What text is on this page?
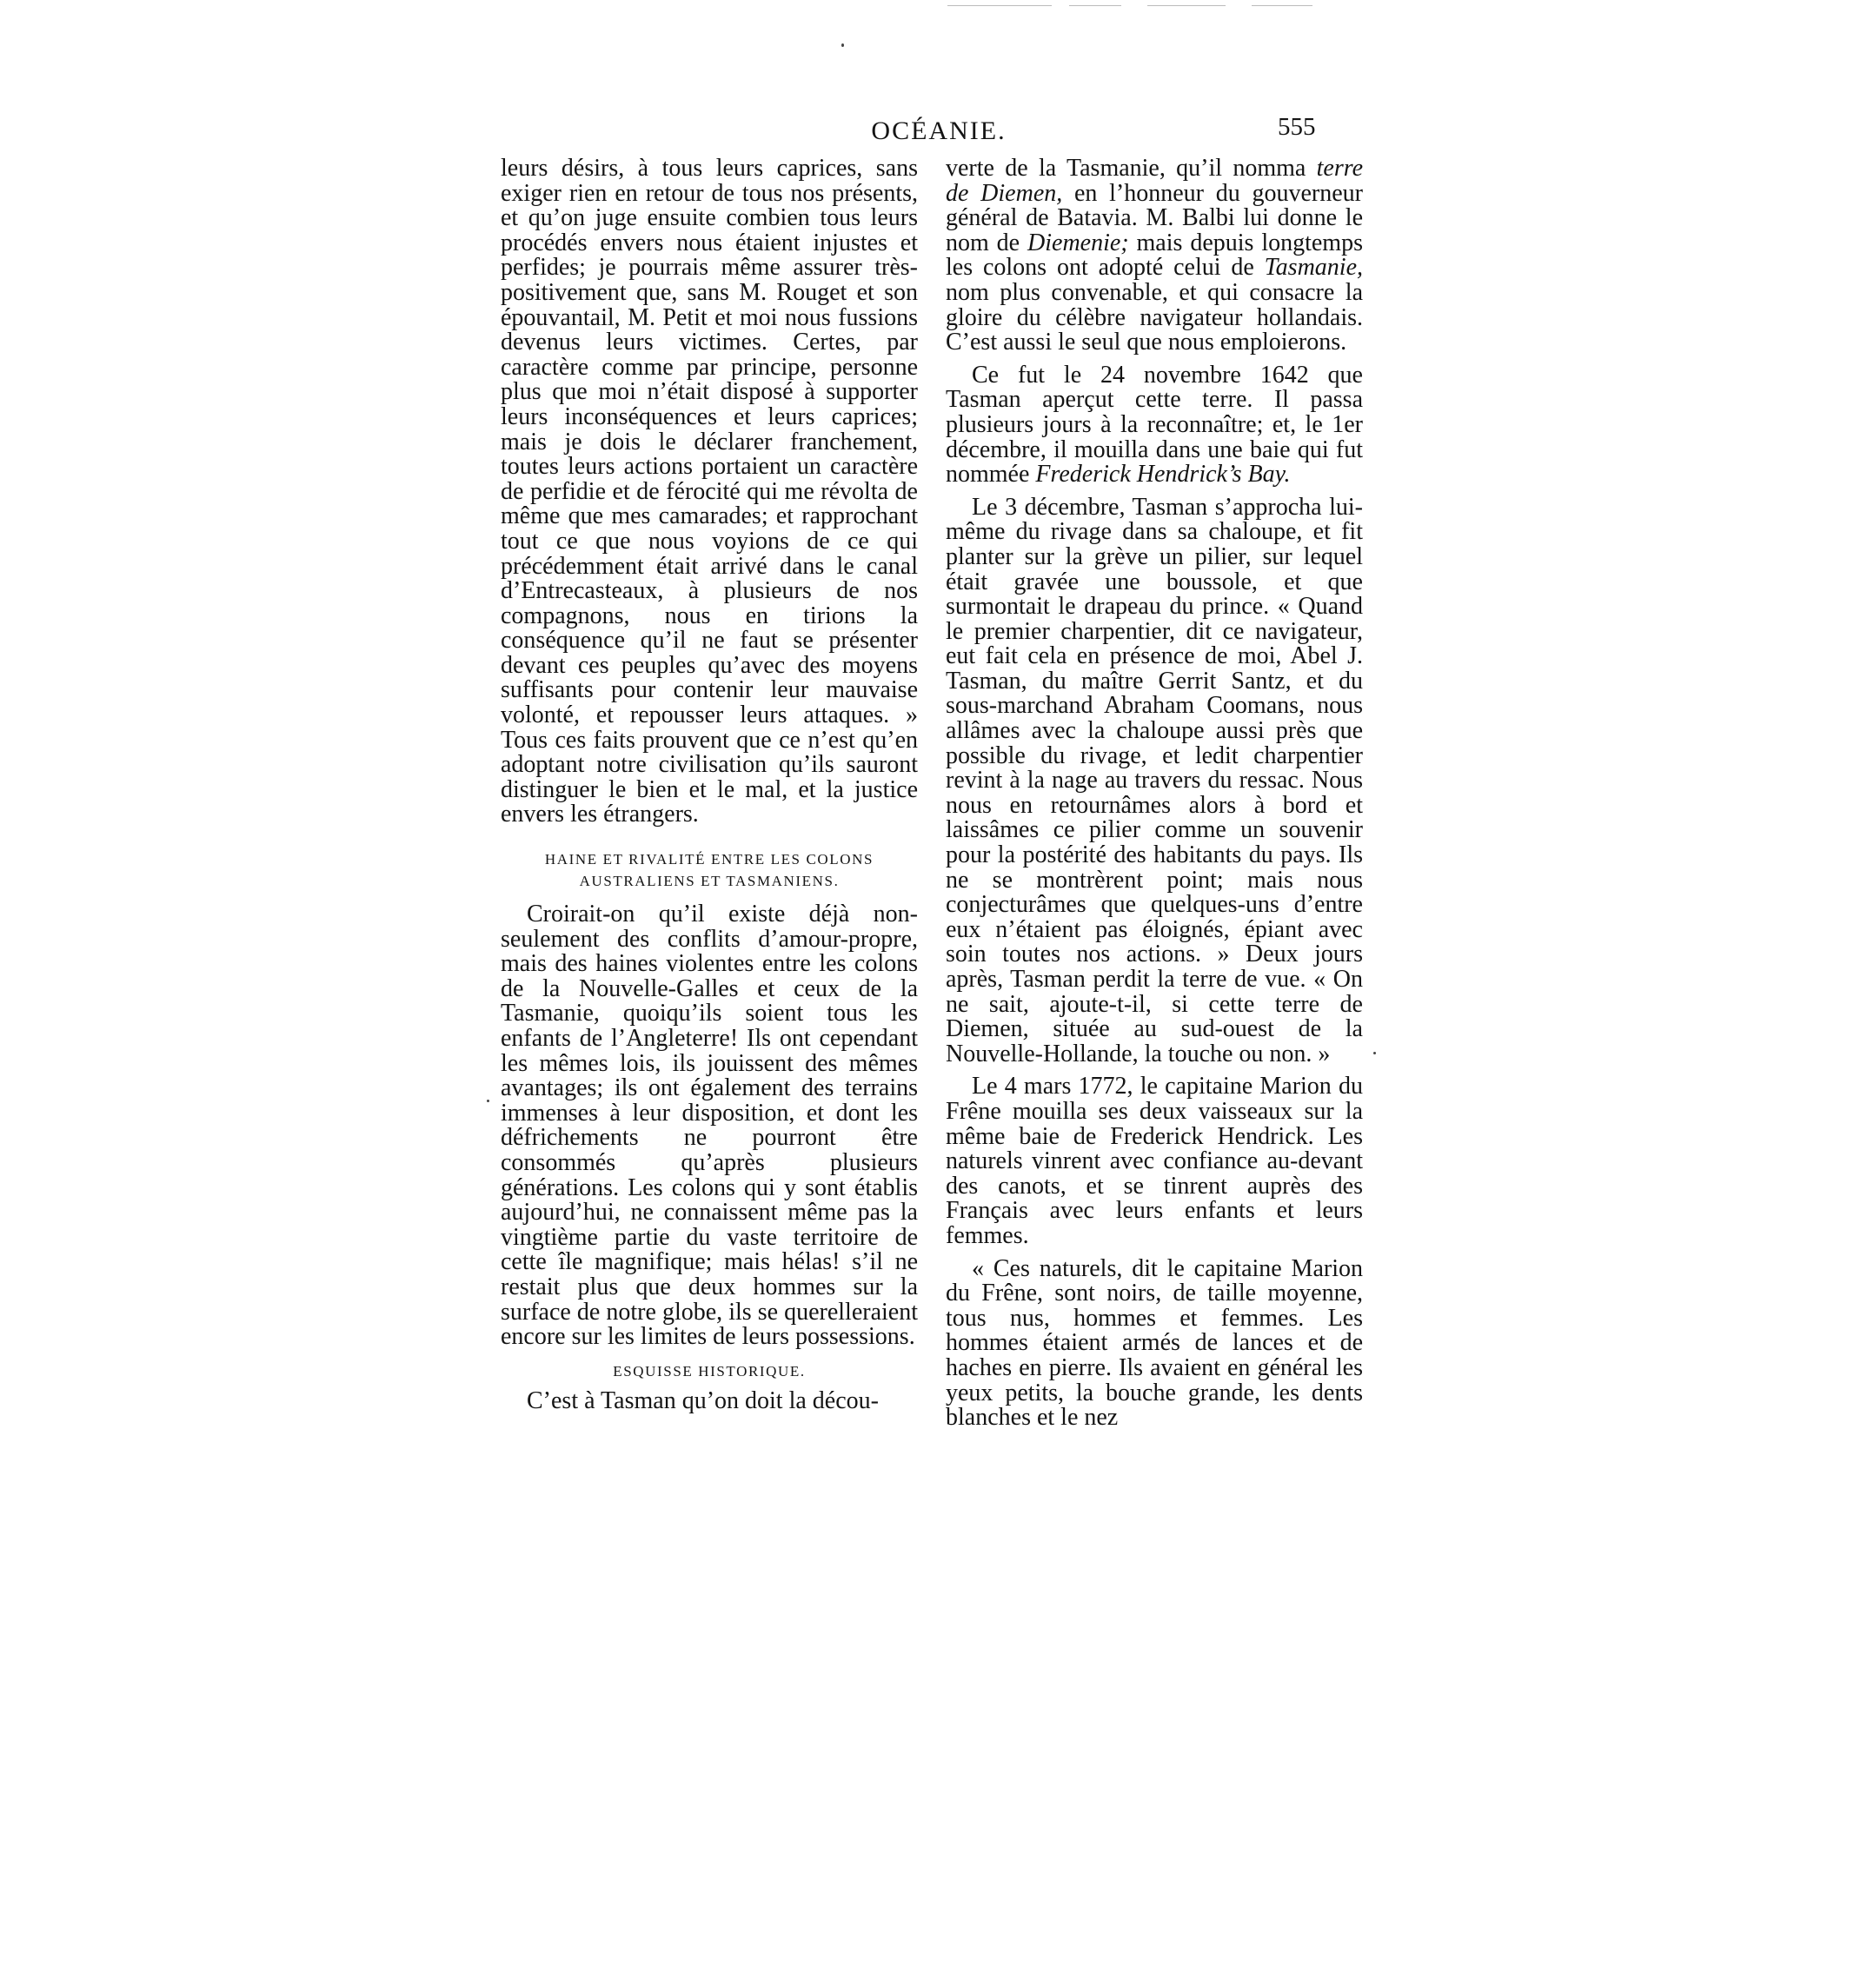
OCÉANIE.	555

leurs désirs, à tous leurs caprices, sans exiger rien en retour de tous nos présents, et qu’on juge ensuite combien tous leurs procédés envers nous étaient injustes et perfides; je pourrais même assurer très-positivement que, sans M. Rouget et son épouvantail, M. Petit et moi nous fussions devenus leurs victimes. Certes, par caractère comme par principe, personne plus que moi n’était disposé à supporter leurs inconséquences et leurs caprices; mais je dois le déclarer franchement, toutes leurs actions portaient un caractère de perfidie et de férocité qui me révolta de même que mes camarades; et rapprochant tout ce que nous voyions de ce qui précédemment était arrivé dans le canal d’Entrecasteaux, à plusieurs de nos compagnons, nous en tirions la conséquence qu’il ne faut se présenter devant ces peuples qu’avec des moyens suffisants pour contenir leur mauvaise volonté, et repousser leurs attaques. » Tous ces faits prouvent que ce n’est qu’en adoptant notre civilisation qu’ils sauront distinguer le bien et le mal, et la justice envers les étrangers.

HAINE ET RIVALITÉ ENTRE LES COLONS
AUSTRALIENS ET TASMANIENS.

Croirait-on qu’il existe déjà non-seulement des conflits d’amour-propre, mais des haines violentes entre les colons de la Nouvelle-Galles et ceux de la Tasmanie, quoiqu’ils soient tous les enfants de l’Angleterre! Ils ont cependant les mêmes lois, ils jouissent des mêmes avantages; ils ont également des terrains immenses à leur disposition, et dont les défrichements ne pourront être consommés qu’après plusieurs générations. Les colons qui y sont établis aujourd’hui, ne connaissent même pas la vingtième partie du vaste territoire de cette île magnifique; mais hélas! s’il ne restait plus que deux hommes sur la surface de notre globe, ils se querelleraient encore sur les limites de leurs possessions.

ESQUISSE HISTORIQUE.

C’est à Tasman qu’on doit la décou-

verte de la Tasmanie, qu’il nomma terre de Diemen, en l’honneur du gouverneur général de Batavia. M. Balbi lui donne le nom de Diemenie; mais depuis longtemps les colons ont adopté celui de Tasmanie, nom plus convenable, et qui consacre la gloire du célèbre navigateur hollandais. C’est aussi le seul que nous emploierons.

Ce fut le 24 novembre 1642 que Tasman aperçut cette terre. Il passa plusieurs jours à la reconnaître; et, le 1er décembre, il mouilla dans une baie qui fut nommée Frederick Hendrick’s Bay.

Le 3 décembre, Tasman s’approcha lui-même du rivage dans sa chaloupe, et fit planter sur la grève un pilier, sur lequel était gravée une boussole, et que surmontait le drapeau du prince. « Quand le premier charpentier, dit ce navigateur, eut fait cela en présence de moi, Abel J. Tasman, du maître Gerrit Santz, et du sous-marchand Abraham Coomans, nous allâmes avec la chaloupe aussi près que possible du rivage, et ledit charpentier revint à la nage au travers du ressac. Nous nous en retournâmes alors à bord et laissâmes ce pilier comme un souvenir pour la postérité des habitants du pays. Ils ne se montrèrent point; mais nous conjecturâmes que quelques-uns d’entre eux n’étaient pas éloignés, épiant avec soin toutes nos actions. » Deux jours après, Tasman perdit la terre de vue. « On ne sait, ajoute-t-il, si cette terre de Diemen, située au sud-ouest de la Nouvelle-Hollande, la touche ou non. »

Le 4 mars 1772, le capitaine Marion du Frêne mouilla ses deux vaisseaux sur la même baie de Frederick Hendrick. Les naturels vinrent avec confiance au-devant des canots, et se tinrent auprès des Français avec leurs enfants et leurs femmes.

« Ces naturels, dit le capitaine Marion du Frêne, sont noirs, de taille moyenne, tous nus, hommes et femmes. Les hommes étaient armés de lances et de haches en pierre. Ils avaient en général les yeux petits, la bouche grande, les dents blanches et le nez
